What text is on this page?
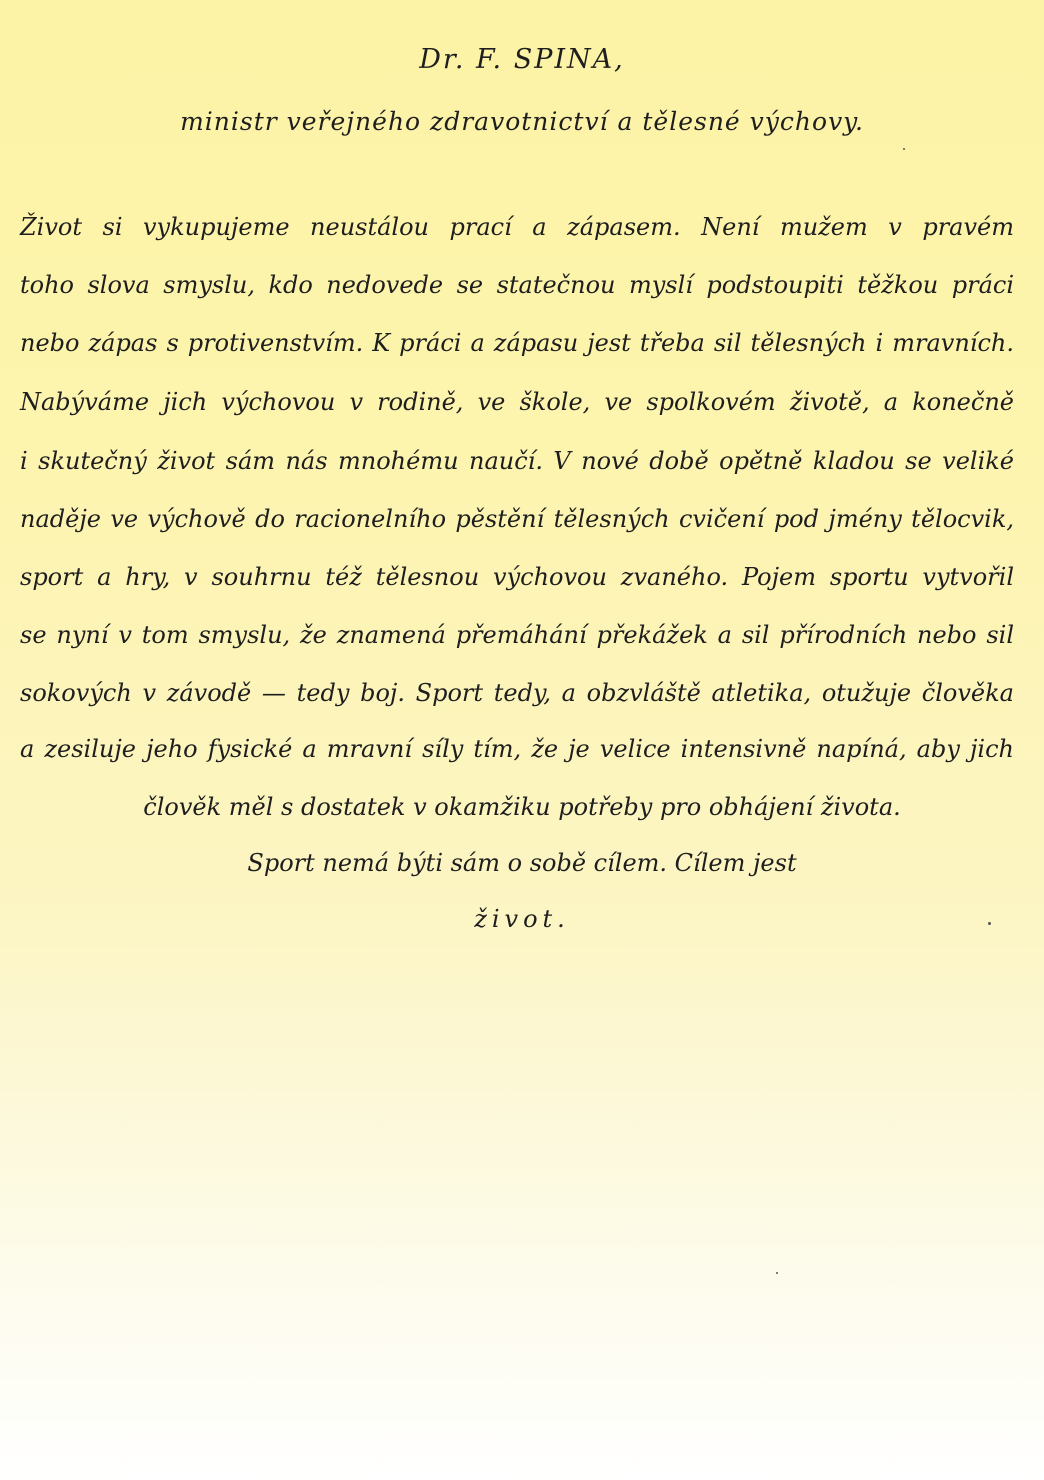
Dr. F. SPINA,
ministr veřejného zdravotnictví a tělesné výchovy.
Život si vykupujeme neustálou prací a zápasem. Není mužem v pravém
toho slova smyslu, kdo nedovede se statečnou myslí podstoupiti těžkou práci
nebo zápas s protivenstvím. K práci a zápasu jest třeba sil tělesných i mravních.
Nabýváme jich výchovou v rodině, ve škole, ve spolkovém životě, a konečně
i skutečný život sám nás mnohému naučí. V nové době opětně kladou se veliké
naděje ve výchově do racionelního pěstění tělesných cvičení pod jmény tělocvik,
sport a hry, v souhrnu též tělesnou výchovou zvaného. Pojem sportu vytvořil
se nyní v tom smyslu, že znamená přemáhání překážek a sil přírodních nebo sil
sokových v závodě — tedy boj. Sport tedy, a obzvláště atletika, otužuje člověka
a zesiluje jeho fysické a mravní síly tím, že je velice intensivně napíná, aby jich
člověk měl s dostatek v okamžiku potřeby pro obhájení života.
Sport nemá býti sám o sobě cílem. Cílem jest
život.
